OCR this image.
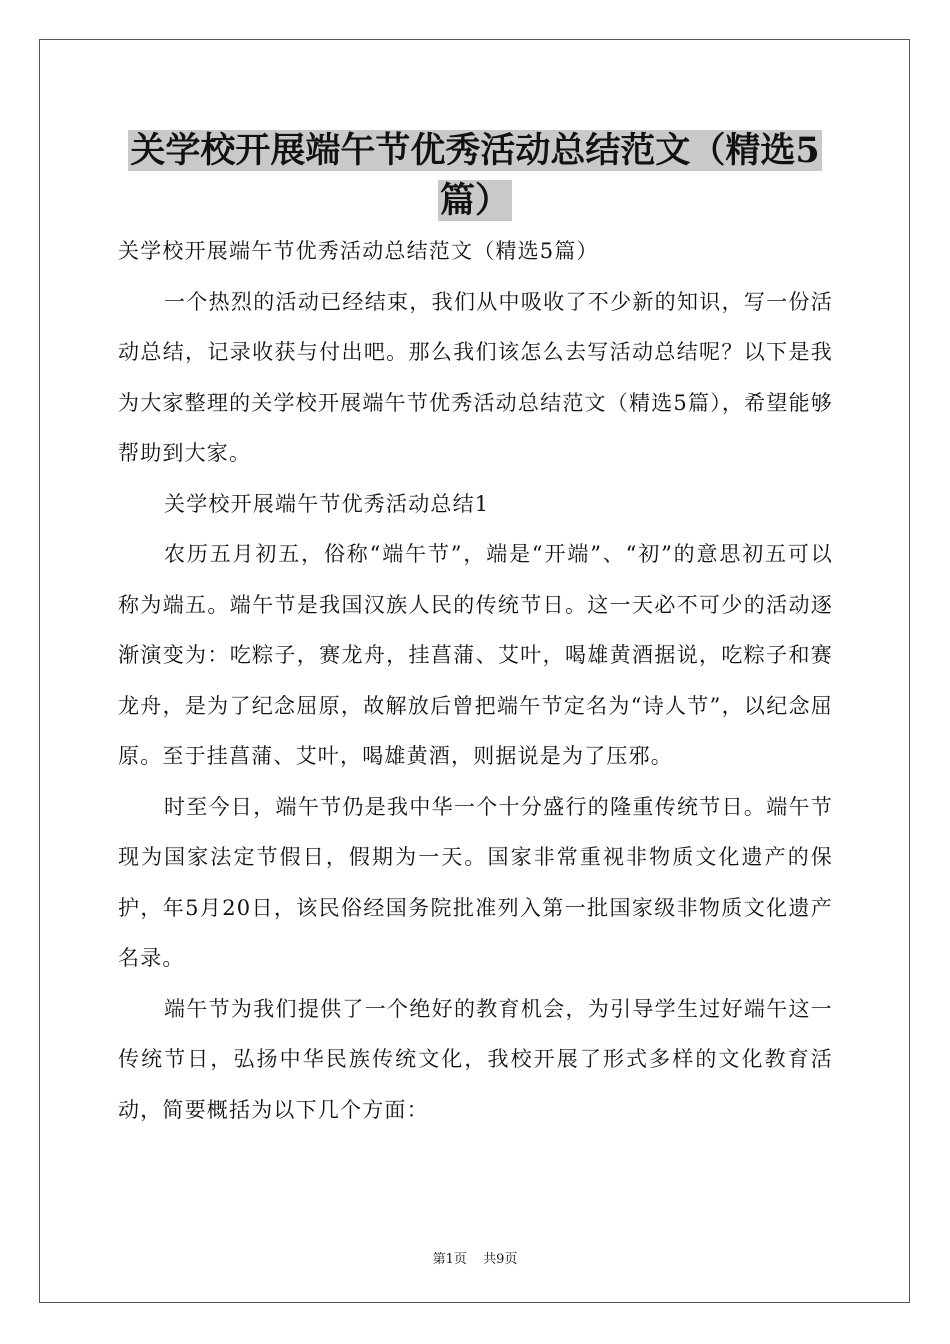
关学校开展端午节优秀活动总结范文（精选5
篇）

关学校开展端午节优秀活动总结范文（精选5篇）

一个热烈的活动已经结束，我们从中吸收了不少新的知识，写一份活动总结，记录收获与付出吧。那么我们该怎么去写活动总结呢？以下是我为大家整理的关学校开展端午节优秀活动总结范文（精选5篇），希望能够帮助到大家。

关学校开展端午节优秀活动总结1

农历五月初五，俗称“端午节”，端是“开端”、“初”的意思初五可以称为端五。端午节是我国汉族人民的传统节日。这一天必不可少的活动逐渐演变为：吃粽子，赛龙舟，挂菖蒲、艾叶，喝雄黄酒据说，吃粽子和赛龙舟，是为了纪念屈原，故解放后曾把端午节定名为“诗人节”，以纪念屈原。至于挂菖蒲、艾叶，喝雄黄酒，则据说是为了压邪。

时至今日，端午节仍是我中华一个十分盛行的隆重传统节日。端午节现为国家法定节假日，假期为一天。国家非常重视非物质文化遗产的保护，年5月20日，该民俗经国务院批准列入第一批国家级非物质文化遗产名录。

端午节为我们提供了一个绝好的教育机会，为引导学生过好端午这一传统节日，弘扬中华民族传统文化，我校开展了形式多样的文化教育活动，简要概括为以下几个方面：

第1页 共9页
